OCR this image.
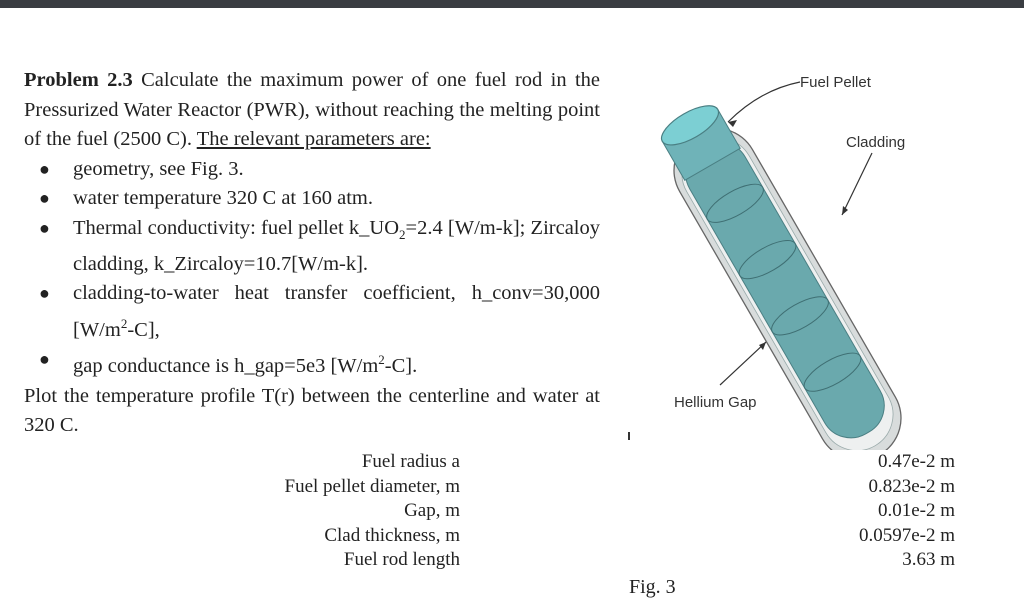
Problem 2.3 Calculate the maximum power of one fuel rod in the Pressurized Water Reactor (PWR), without reaching the melting point of the fuel (2500 C). The relevant parameters are:

● geometry, see Fig. 3.
● water temperature 320 C at 160 atm.
● Thermal conductivity: fuel pellet $k\_UO_2=2.4$ [W/m-k]; Zircaloy cladding, k_Zircaloy=10.7[W/m-k].
● cladding-to-water heat transfer coefficient, h_conv=30,000 $[W/m^2-C]$,
● gap conductance is h_gap=5e3 $[W/m^2-C]$.

Plot the temperature profile T(r) between the centerline and water at 320 C.

Fuel Pellet
Cladding
Hellium Gap
Fuel radius a	0.47e-2 m
Fuel pellet diameter, m	0.823e-2 m
Gap, m	0.01e-2 m
Clad thickness, m	0.0597e-2 m
Fuel rod length	3.63 m
Fig. 3
